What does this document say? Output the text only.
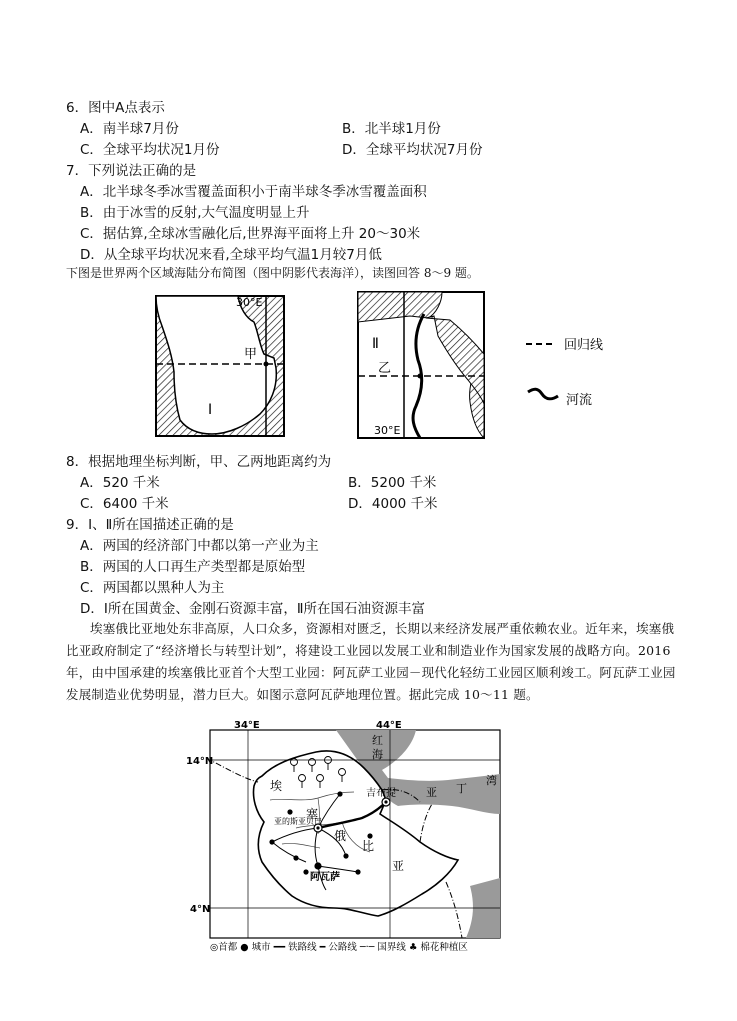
6．图中A点表示
A．南半球7月份	B．北半球1月份
C．全球平均状况1月份	D．全球平均状况7月份
7．下列说法正确的是
A．北半球冬季冰雪覆盖面积小于南半球冬季冰雪覆盖面积
B．由于冰雪的反射,大气温度明显上升
C．据估算,全球冰雪融化后,世界海平面将上升 20～30米
D．从全球平均状况来看,全球平均气温1月较7月低
下图是世界两个区域海陆分布简图（图中阴影代表海洋），读图回答 8～9 题。
30°E
甲
Ⅰ
Ⅱ
乙
30°E
回归线
河流
8．根据地理坐标判断，甲、乙两地距离约为
A．520 千米	B．5200 千米
C．6400 千米	D．4000 千米
9．Ⅰ、Ⅱ所在国描述正确的是
A．两国的经济部门中都以第一产业为主
B．两国的人口再生产类型都是原始型
C．两国都以黑种人为主
D．Ⅰ所在国黄金、金刚石资源丰富，Ⅱ所在国石油资源丰富
埃塞俄比亚地处东非高原，人口众多，资源相对匮乏，长期以来经济发展严重依赖农业。近年来，埃塞俄比亚政府制定了“经济增长与转型计划”，将建设工业园以发展工业和制造业作为国家发展的战略方向。2016年，由中国承建的埃塞俄比亚首个大型工业园：阿瓦萨工业园－现代化轻纺工业园区顺利竣工。阿瓦萨工业园发展制造业优势明显，潜力巨大。如图示意阿瓦萨地理位置。据此完成 10～11 题。
34°E	44°E
14°N
4°N
红
海
亚 丁
湾
埃
塞
俄
比
亚
亚的斯亚贝巴
阿瓦萨
吉布提
◎首都 ● 城市 ━━ 铁路线 ━ 公路线 ─·─ 国界线 ♣ 棉花种植区
